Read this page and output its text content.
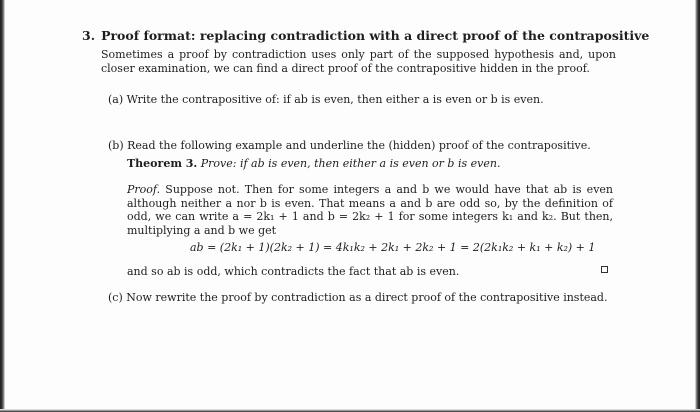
3. Proof format: replacing contradiction with a direct proof of the contrapositive
Sometimes a proof by contradiction uses only part of the supposed hypothesis and, upon closer examination, we can find a direct proof of the contrapositive hidden in the proof.
(a) Write the contrapositive of: if ab is even, then either a is even or b is even.
(b) Read the following example and underline the (hidden) proof of the contrapositive.
Theorem 3. Prove: if ab is even, then either a is even or b is even.
Proof. Suppose not. Then for some integers a and b we would have that ab is even although neither a nor b is even. That means a and b are odd so, by the definition of odd, we can write a = 2k₁ + 1 and b = 2k₂ + 1 for some integers k₁ and k₂. But then, multiplying a and b we get
ab = (2k₁ + 1)(2k₂ + 1) = 4k₁k₂ + 2k₁ + 2k₂ + 1 = 2(2k₁k₂ + k₁ + k₂) + 1
and so ab is odd, which contradicts the fact that ab is even.
(c) Now rewrite the proof by contradiction as a direct proof of the contrapositive instead.
